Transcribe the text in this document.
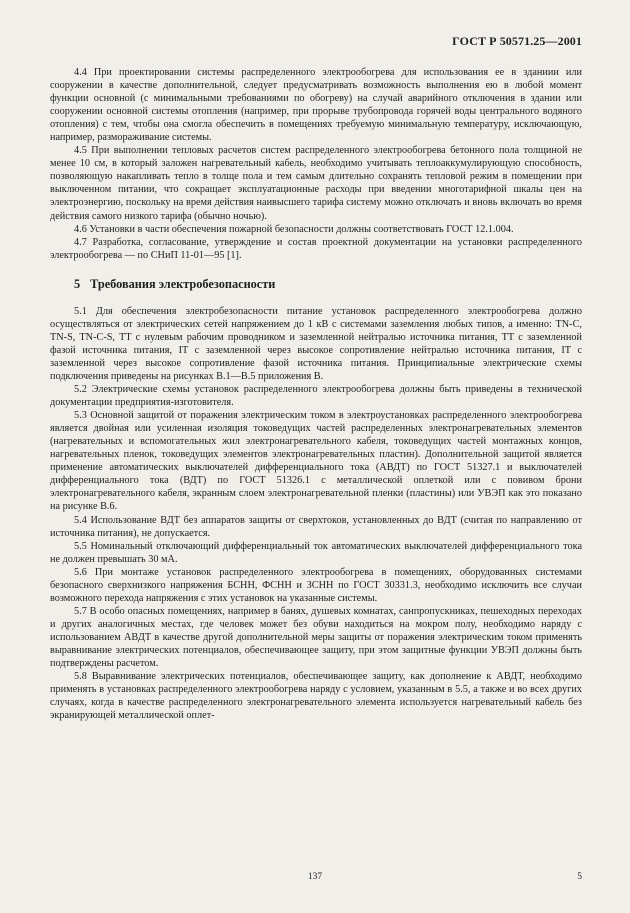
ГОСТ Р 50571.25—2001

4.4 При проектировании системы распределенного электрообогрева для использования ее в зданиии или сооружении в качестве дополнительной, следует предусматривать возможность выполнения ею в любой момент функции основной (с минимальными требованиями по обогреву) на случай аварийного отключения в здании или сооружении основной системы отопления (например, при прорыве трубопровода горячей воды центрального водяного отопления) с тем, чтобы она смогла обеспечить в помещениях требуемую минимальную температуру, исключающую, например, размораживание системы.

4.5 При выполнении тепловых расчетов систем распределенного электрообогрева бетонного пола толщиной не менее 10 см, в который заложен нагревательный кабель, необходимо учитывать теплоаккумулирующую способность, позволяющую накапливать тепло в толще пола и тем самым длительно сохранять тепловой режим в помещении при выключенном питании, что сокращает эксплуатационные расходы при введении многотарифной шкалы цен на электроэнергию, поскольку на время действия наивысшего тарифа систему можно отключать и вновь включать во время действия самого низкого тарифа (обычно ночью).

4.6 Установки в части обеспечения пожарной безопасности должны соответствовать ГОСТ 12.1.004.

4.7 Разработка, согласование, утверждение и состав проектной документации на установки распределенного электрообогрева — по СНиП 11-01—95 [1].

5 Требования электробезопасности

5.1 Для обеспечения электробезопасности питание установок распределенного электрообогрева должно осуществляться от электрических сетей напряжением до 1 кВ с системами заземления любых типов, а именно: TN-C, TN-S, TN-C-S, TT с нулевым рабочим проводником и заземленной нейтралью источника питания, TT с заземленной фазой источника питания, IT с заземленной через высокое сопротивление нейтралью источника питания, IT с заземленной через высокое сопротивление фазой источника питания. Принципиальные электрические схемы подключения приведены на рисунках В.1—В.5 приложения В.

5.2 Электрические схемы установок распределенного электрообогрева должны быть приведены в технической документации предприятия-изготовителя.

5.3 Основной защитой от поражения электрическим током в электроустановках распределенного электрообогрева является двойная или усиленная изоляция токоведущих частей распределенных электронагревательных элементов (нагревательных и вспомогательных жил электронагревательного кабеля, токоведущих частей монтажных концов, нагревательных пленок, токоведущих элементов электронагревательных пластин). Дополнительной защитой является применение автоматических выключателей дифференциального тока (АВДТ) по ГОСТ 51327.1 и выключателей дифференциального тока (ВДТ) по ГОСТ 51326.1 с металлической оплеткой или с повивом брони электронагревательного кабеля, экранным слоем электронагревательной пленки (пластины) или УВЭП как это показано на рисунке В.6.

5.4 Использование ВДТ без аппаратов защиты от сверхтоков, установленных до ВДТ (считая по направлению от источника питания), не допускается.

5.5 Номинальный отключающий дифференциальный ток автоматических выключателей дифференциального тока не должен превышать 30 мА.

5.6 При монтаже установок распределенного электрообогрева в помещениях, оборудованных системами безопасного сверхнизкого напряжения БСНН, ФСНН и ЗСНН по ГОСТ 30331.3, необходимо исключить все случаи возможного перехода напряжения с этих установок на указанные системы.

5.7 В особо опасных помещениях, например в банях, душевых комнатах, санпропускниках, пешеходных переходах и других аналогичных местах, где человек может без обуви находиться на мокром полу, необходимо наряду с использованием АВДТ в качестве другой дополнительной меры защиты от поражения электрическим током применять выравнивание электрических потенциалов, обеспечивающее защиту, при этом защитные функции УВЭП должны быть подтверждены расчетом.

5.8 Выравнивание электрических потенциалов, обеспечивающее защиту, как дополнение к АВДТ, необходимо применять в установках распределенного электрообогрева наряду с условием, указанным в 5.5, а также и во всех других случаях, когда в качестве распределенного электронагревательного элемента используется нагревательный кабель без экранирующей металлической оплет-

137	5
